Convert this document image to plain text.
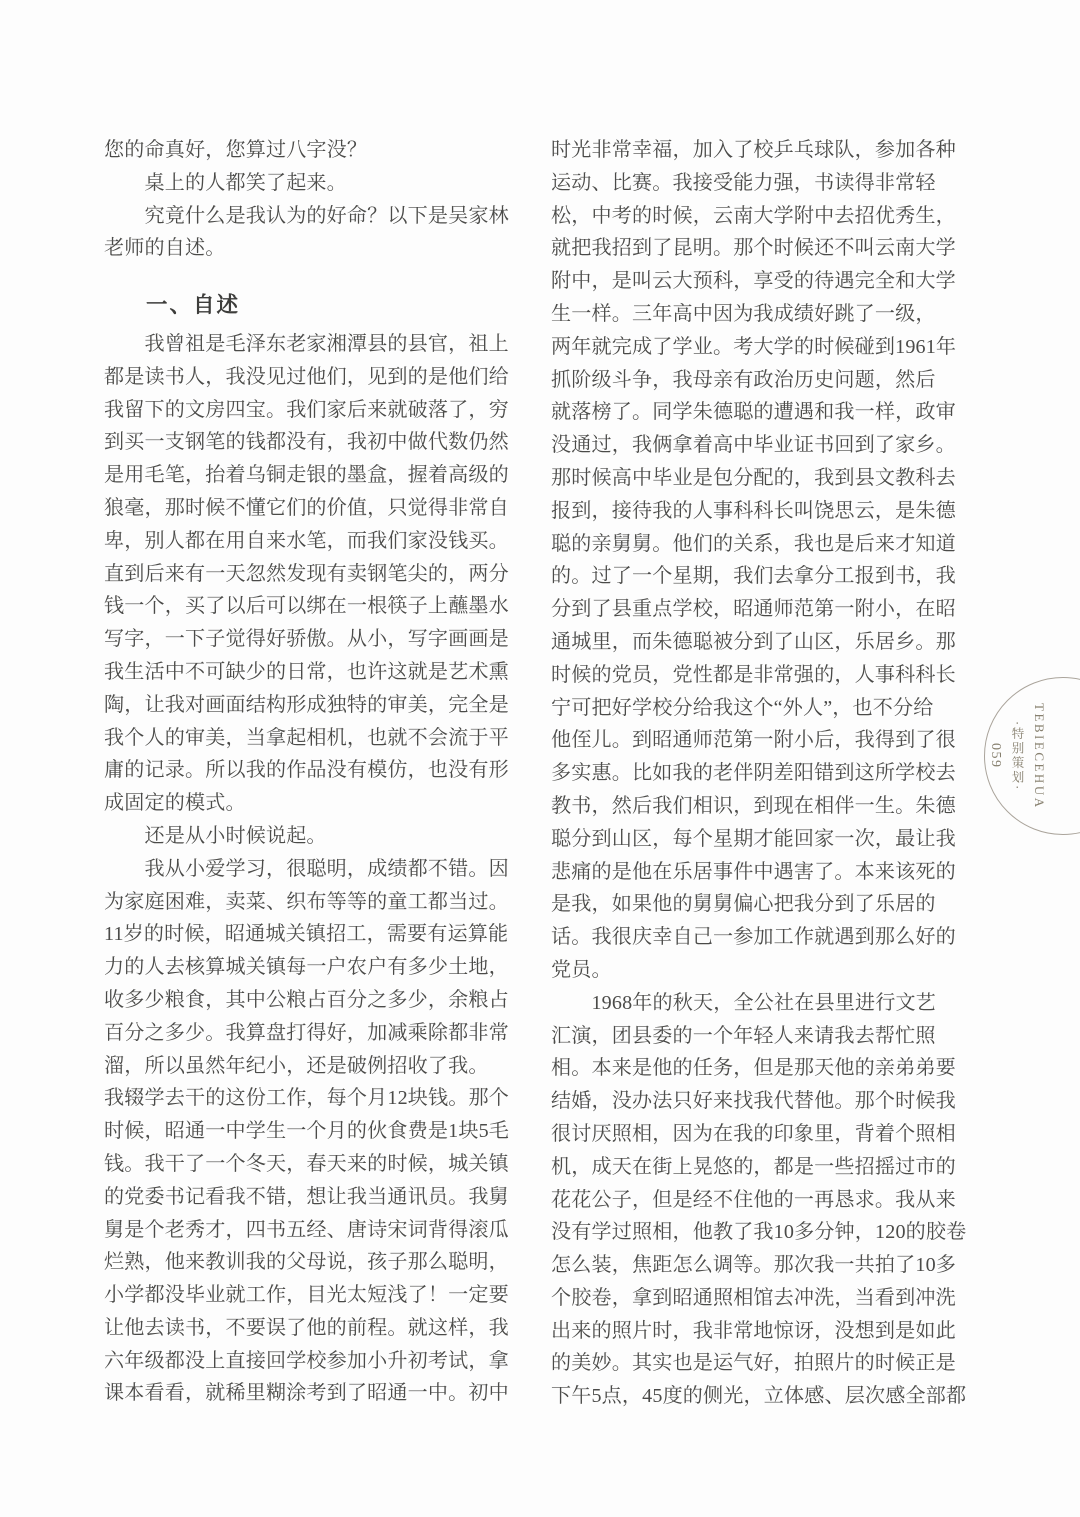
您的命真好，您算过八字没？
　　桌上的人都笑了起来。
　　究竟什么是我认为的好命？以下是吴家林
老师的自述。
一、自述
　　我曾祖是毛泽东老家湘潭县的县官，祖上
都是读书人，我没见过他们，见到的是他们给
我留下的文房四宝。我们家后来就破落了，穷
到买一支钢笔的钱都没有，我初中做代数仍然
是用毛笔，抬着乌铜走银的墨盒，握着高级的
狼毫，那时候不懂它们的价值，只觉得非常自
卑，别人都在用自来水笔，而我们家没钱买。
直到后来有一天忽然发现有卖钢笔尖的，两分
钱一个，买了以后可以绑在一根筷子上蘸墨水
写字，一下子觉得好骄傲。从小，写字画画是
我生活中不可缺少的日常，也许这就是艺术熏
陶，让我对画面结构形成独特的审美，完全是
我个人的审美，当拿起相机，也就不会流于平
庸的记录。所以我的作品没有模仿，也没有形
成固定的模式。
　　还是从小时候说起。
　　我从小爱学习，很聪明，成绩都不错。因
为家庭困难，卖菜、织布等等的童工都当过。
11岁的时候，昭通城关镇招工，需要有运算能
力的人去核算城关镇每一户农户有多少土地，
收多少粮食，其中公粮占百分之多少，余粮占
百分之多少。我算盘打得好，加减乘除都非常
溜，所以虽然年纪小，还是破例招收了我。
我辍学去干的这份工作，每个月12块钱。那个
时候，昭通一中学生一个月的伙食费是1块5毛
钱。我干了一个冬天，春天来的时候，城关镇
的党委书记看我不错，想让我当通讯员。我舅
舅是个老秀才，四书五经、唐诗宋词背得滚瓜
烂熟，他来教训我的父母说，孩子那么聪明，
小学都没毕业就工作，目光太短浅了！一定要
让他去读书，不要误了他的前程。就这样，我
六年级都没上直接回学校参加小升初考试，拿
课本看看，就稀里糊涂考到了昭通一中。初中
时光非常幸福，加入了校乒乓球队，参加各种
运动、比赛。我接受能力强，书读得非常轻
松，中考的时候，云南大学附中去招优秀生，
就把我招到了昆明。那个时候还不叫云南大学
附中，是叫云大预科，享受的待遇完全和大学
生一样。三年高中因为我成绩好跳了一级，
两年就完成了学业。考大学的时候碰到1961年
抓阶级斗争，我母亲有政治历史问题，然后
就落榜了。同学朱德聪的遭遇和我一样，政审
没通过，我俩拿着高中毕业证书回到了家乡。
那时候高中毕业是包分配的，我到县文教科去
报到，接待我的人事科科长叫饶思云，是朱德
聪的亲舅舅。他们的关系，我也是后来才知道
的。过了一个星期，我们去拿分工报到书，我
分到了县重点学校，昭通师范第一附小，在昭
通城里，而朱德聪被分到了山区，乐居乡。那
时候的党员，党性都是非常强的，人事科科长
宁可把好学校分给我这个“外人”，也不分给
他侄儿。到昭通师范第一附小后，我得到了很
多实惠。比如我的老伴阴差阳错到这所学校去
教书，然后我们相识，到现在相伴一生。朱德
聪分到山区，每个星期才能回家一次，最让我
悲痛的是他在乐居事件中遇害了。本来该死的
是我，如果他的舅舅偏心把我分到了乐居的
话。我很庆幸自己一参加工作就遇到那么好的
党员。
　　1968年的秋天，全公社在县里进行文艺
汇演，团县委的一个年轻人来请我去帮忙照
相。本来是他的任务，但是那天他的亲弟弟要
结婚，没办法只好来找我代替他。那个时候我
很讨厌照相，因为在我的印象里，背着个照相
机，成天在街上晃悠的，都是一些招摇过市的
花花公子，但是经不住他的一再恳求。我从来
没有学过照相，他教了我10多分钟，120的胶卷
怎么装，焦距怎么调等。那次我一共拍了10多
个胶卷，拿到昭通照相馆去冲洗，当看到冲洗
出来的照片时，我非常地惊讶，没想到是如此
的美妙。其实也是运气好，拍照片的时候正是
下午5点，45度的侧光，立体感、层次感全部都
TEBIECEHUA
·特别策划·
059
